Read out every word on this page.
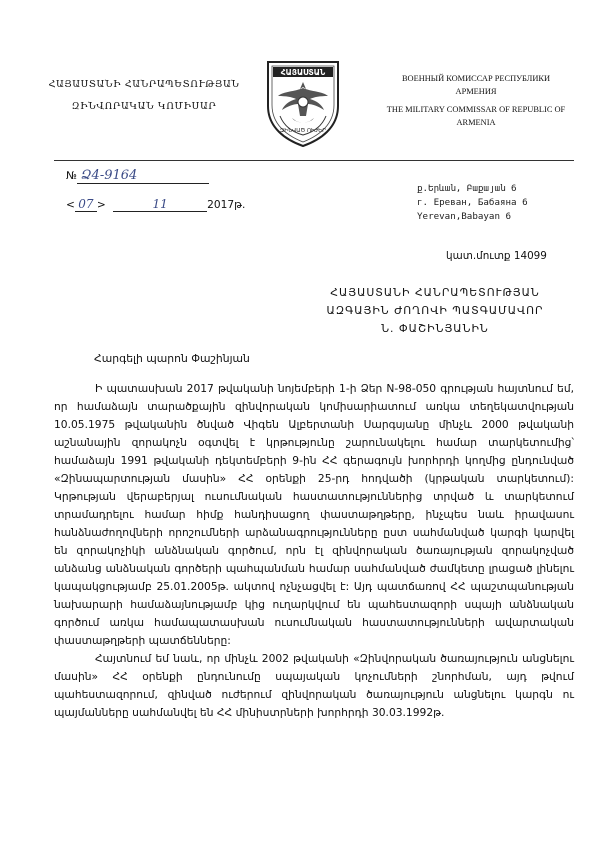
ՀԱՅԱՍՏԱՆԻ ՀԱՆՐԱՊԵՏՈՒԹՅԱՆ
ԶԻՆՎՈՐԱԿԱՆ ԿՈՄԻՍԱՐ
ՀԱՅԱՍՏԱՆ
ԶԻՆՎԱԾ ՈՒԺԵՐ
ВОЕННЫЙ КОМИССАР РЕСПУБЛИКИ
АРМЕНИЯ
THE MILITARY COMMISSAR OF REPUBLIC OF
ARMENIA
№ Ձ4-9164
< 07 >	11	2017թ.
ք.Երևան, Բաքայան 6
г. Ереван, Бабаяна 6
Yerevan,Babayan 6
կատ.մուտք 14099
ՀԱՅԱՍՏԱՆԻ ՀԱՆՐԱՊԵՏՈՒԹՅԱՆ
ԱԶԳԱՅԻՆ ԺՈՂՈՎԻ ՊԱՏԳԱՄԱՎՈՐ
Ն. ՓԱՇԻՆՅԱՆԻՆ
Հարգելի պարոն Փաշինյան

Ի պատասխան 2017 թվականի նոյեմբերի 1-ի Ձեր N-98-050 գրության հայտնում եմ, որ համաձայն տարածքային զինվորական կոմիսարիատում առկա տեղեկատվության 10.05.1975 թվականին ծնված Վիգեն Ալբերտանի Սարգսյանը մինչև 2000 թվականի աշնանային զորակոչն օգտվել է կրթությունը շարունակելու համար տարկետումից՝ համաձայն 1991 թվականի դեկտեմբերի 9-ին ՀՀ գերագույն խորհրդի կողմից ընդունված «Զինապարտության մասին» ՀՀ օրենքի 25-րդ հոդվածի (կրթական տարկետում): Կրթության վերաբերյալ ուսումնական հաստատություններից տրված և տարկետում տրամադրելու համար հիմք հանդիսացող փաստաթղթերը, ինչպես նաև իրավասու հանձնաժողովների որոշումների արձանագրությունները ըստ սահմանված կարգի կարվել են զորակոչիկի անձնական գործում, որն էլ զինվորական ծառայության զորակոչված անձանց անձնական գործերի պահպանման համար սահմանված ժամկետը լրացած լինելու կապակցությամբ 25.01.2005թ. ակտով ոչնչացվել է: Այդ պատճառով ՀՀ պաշտպանության նախարարի համաձայնությամբ կից ուղարկվում են պահեստազորի սպայի անձնական գործում առկա համապատասխան ուսումնական հաստատությունների ավարտական փաստաթղթերի պատճենները:

Հայտնում եմ նաև, որ մինչև 2002 թվականի «Զինվորական ծառայություն անցնելու մասին» ՀՀ օրենքի ընդունումը սպայական կոչումների շնորհման, այդ թվում պահեստազորում, զինված ուժերում զինվորական ծառայություն անցնելու կարգն ու պայմանները սահմանվել են ՀՀ մինիստրների խորհրդի 30.03.1992թ.
